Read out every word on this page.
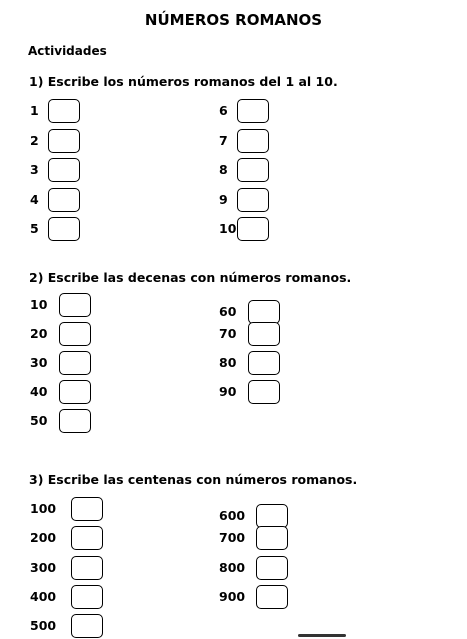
NÚMEROS ROMANOS
Actividades
1) Escribe los números romanos del 1 al 10.
1
2
3
4
5
6
7
8
9
10
2) Escribe las decenas con números romanos.
10
20
30
40
50
60
70
80
90
3) Escribe las centenas con números romanos.
100
200
300
400
500
600
700
800
900
